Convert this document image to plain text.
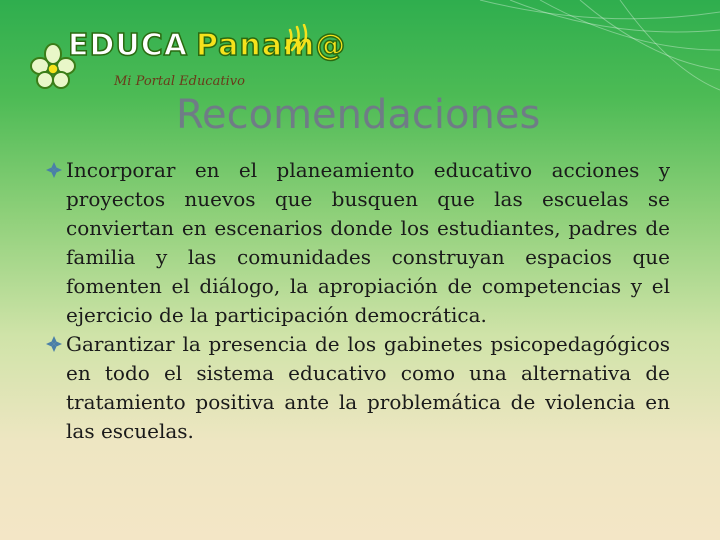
EDUCA Panam@
Mi Portal Educativo
Recomendaciones

Incorporar en el planeamiento educativo acciones y proyectos nuevos que busquen que las escuelas se conviertan en escenarios donde los estudiantes, padres de familia y las comunidades construyan espacios que fomenten el diálogo, la apropiación de competencias y el ejercicio de la participación democrática.

Garantizar la presencia de los gabinetes psicopedagógicos en todo el sistema educativo como una alternativa de tratamiento positiva ante la problemática de violencia en las escuelas.
